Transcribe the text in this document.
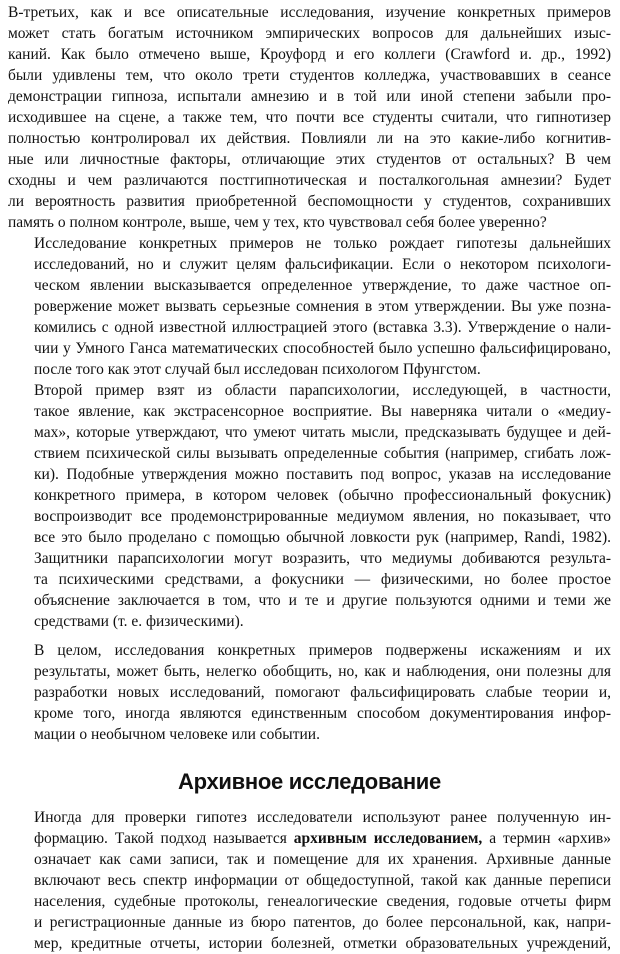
В-третьих, как и все описательные исследования, изучение конкретных примеров
может стать богатым источником эмпирических вопросов для дальнейших изыс-
каний. Как было отмечено выше, Кроуфорд и его коллеги (Crawford и. др., 1992)
были удивлены тем, что около трети студентов колледжа, участвовавших в сеансе
демонстрации гипноза, испытали амнезию и в той или иной степени забыли про-
исходившее на сцене, а также тем, что почти все студенты считали, что гипнотизер
полностью контролировал их действия. Повлияли ли на это какие-либо когнитив-
ные или личностные факторы, отличающие этих студентов от остальных? В чем
сходны и чем различаются постгипнотическая и посталкогольная амнезии? Будет
ли вероятность развития приобретенной беспомощности у студентов, сохранивших
память о полном контроле, выше, чем у тех, кто чувствовал себя более уверенно?

Исследование конкретных примеров не только рождает гипотезы дальнейших
исследований, но и служит целям фальсификации. Если о некотором психологи-
ческом явлении высказывается определенное утверждение, то даже частное оп-
ровержение может вызвать серьезные сомнения в этом утверждении. Вы уже позна-
комились с одной известной иллюстрацией этого (вставка 3.3). Утверждение о нали-
чии у Умного Ганса математических способностей было успешно фальсифицировано,
после того как этот случай был исследован психологом Пфунгстом.

Второй пример взят из области парапсихологии, исследующей, в частности,
такое явление, как экстрасенсорное восприятие. Вы наверняка читали о «медиу-
мах», которые утверждают, что умеют читать мысли, предсказывать будущее и дей-
ствием психической силы вызывать определенные события (например, сгибать лож-
ки). Подобные утверждения можно поставить под вопрос, указав на исследование
конкретного примера, в котором человек (обычно профессиональный фокусник)
воспроизводит все продемонстрированные медиумом явления, но показывает, что
все это было проделано с помощью обычной ловкости рук (например, Randi, 1982).
Защитники парапсихологии могут возразить, что медиумы добиваются результа-
та психическими средствами, а фокусники — физическими, но более простое
объяснение заключается в том, что и те и другие пользуются одними и теми же
средствами (т. е. физическими).

В целом, исследования конкретных примеров подвержены искажениям и их
результаты, может быть, нелегко обобщить, но, как и наблюдения, они полезны для
разработки новых исследований, помогают фальсифицировать слабые теории и,
кроме того, иногда являются единственным способом документирования инфор-
мации о необычном человеке или событии.

Архивное исследование

Иногда для проверки гипотез исследователи используют ранее полученную ин-
формацию. Такой подход называется архивным исследованием, а термин «архив»
означает как сами записи, так и помещение для их хранения. Архивные данные
включают весь спектр информации от общедоступной, такой как данные переписи
населения, судебные протоколы, генеалогические сведения, годовые отчеты фирм
и регистрационные данные из бюро патентов, до более персональной, как, напри-
мер, кредитные отчеты, истории болезней, отметки образовательных учреждений,
